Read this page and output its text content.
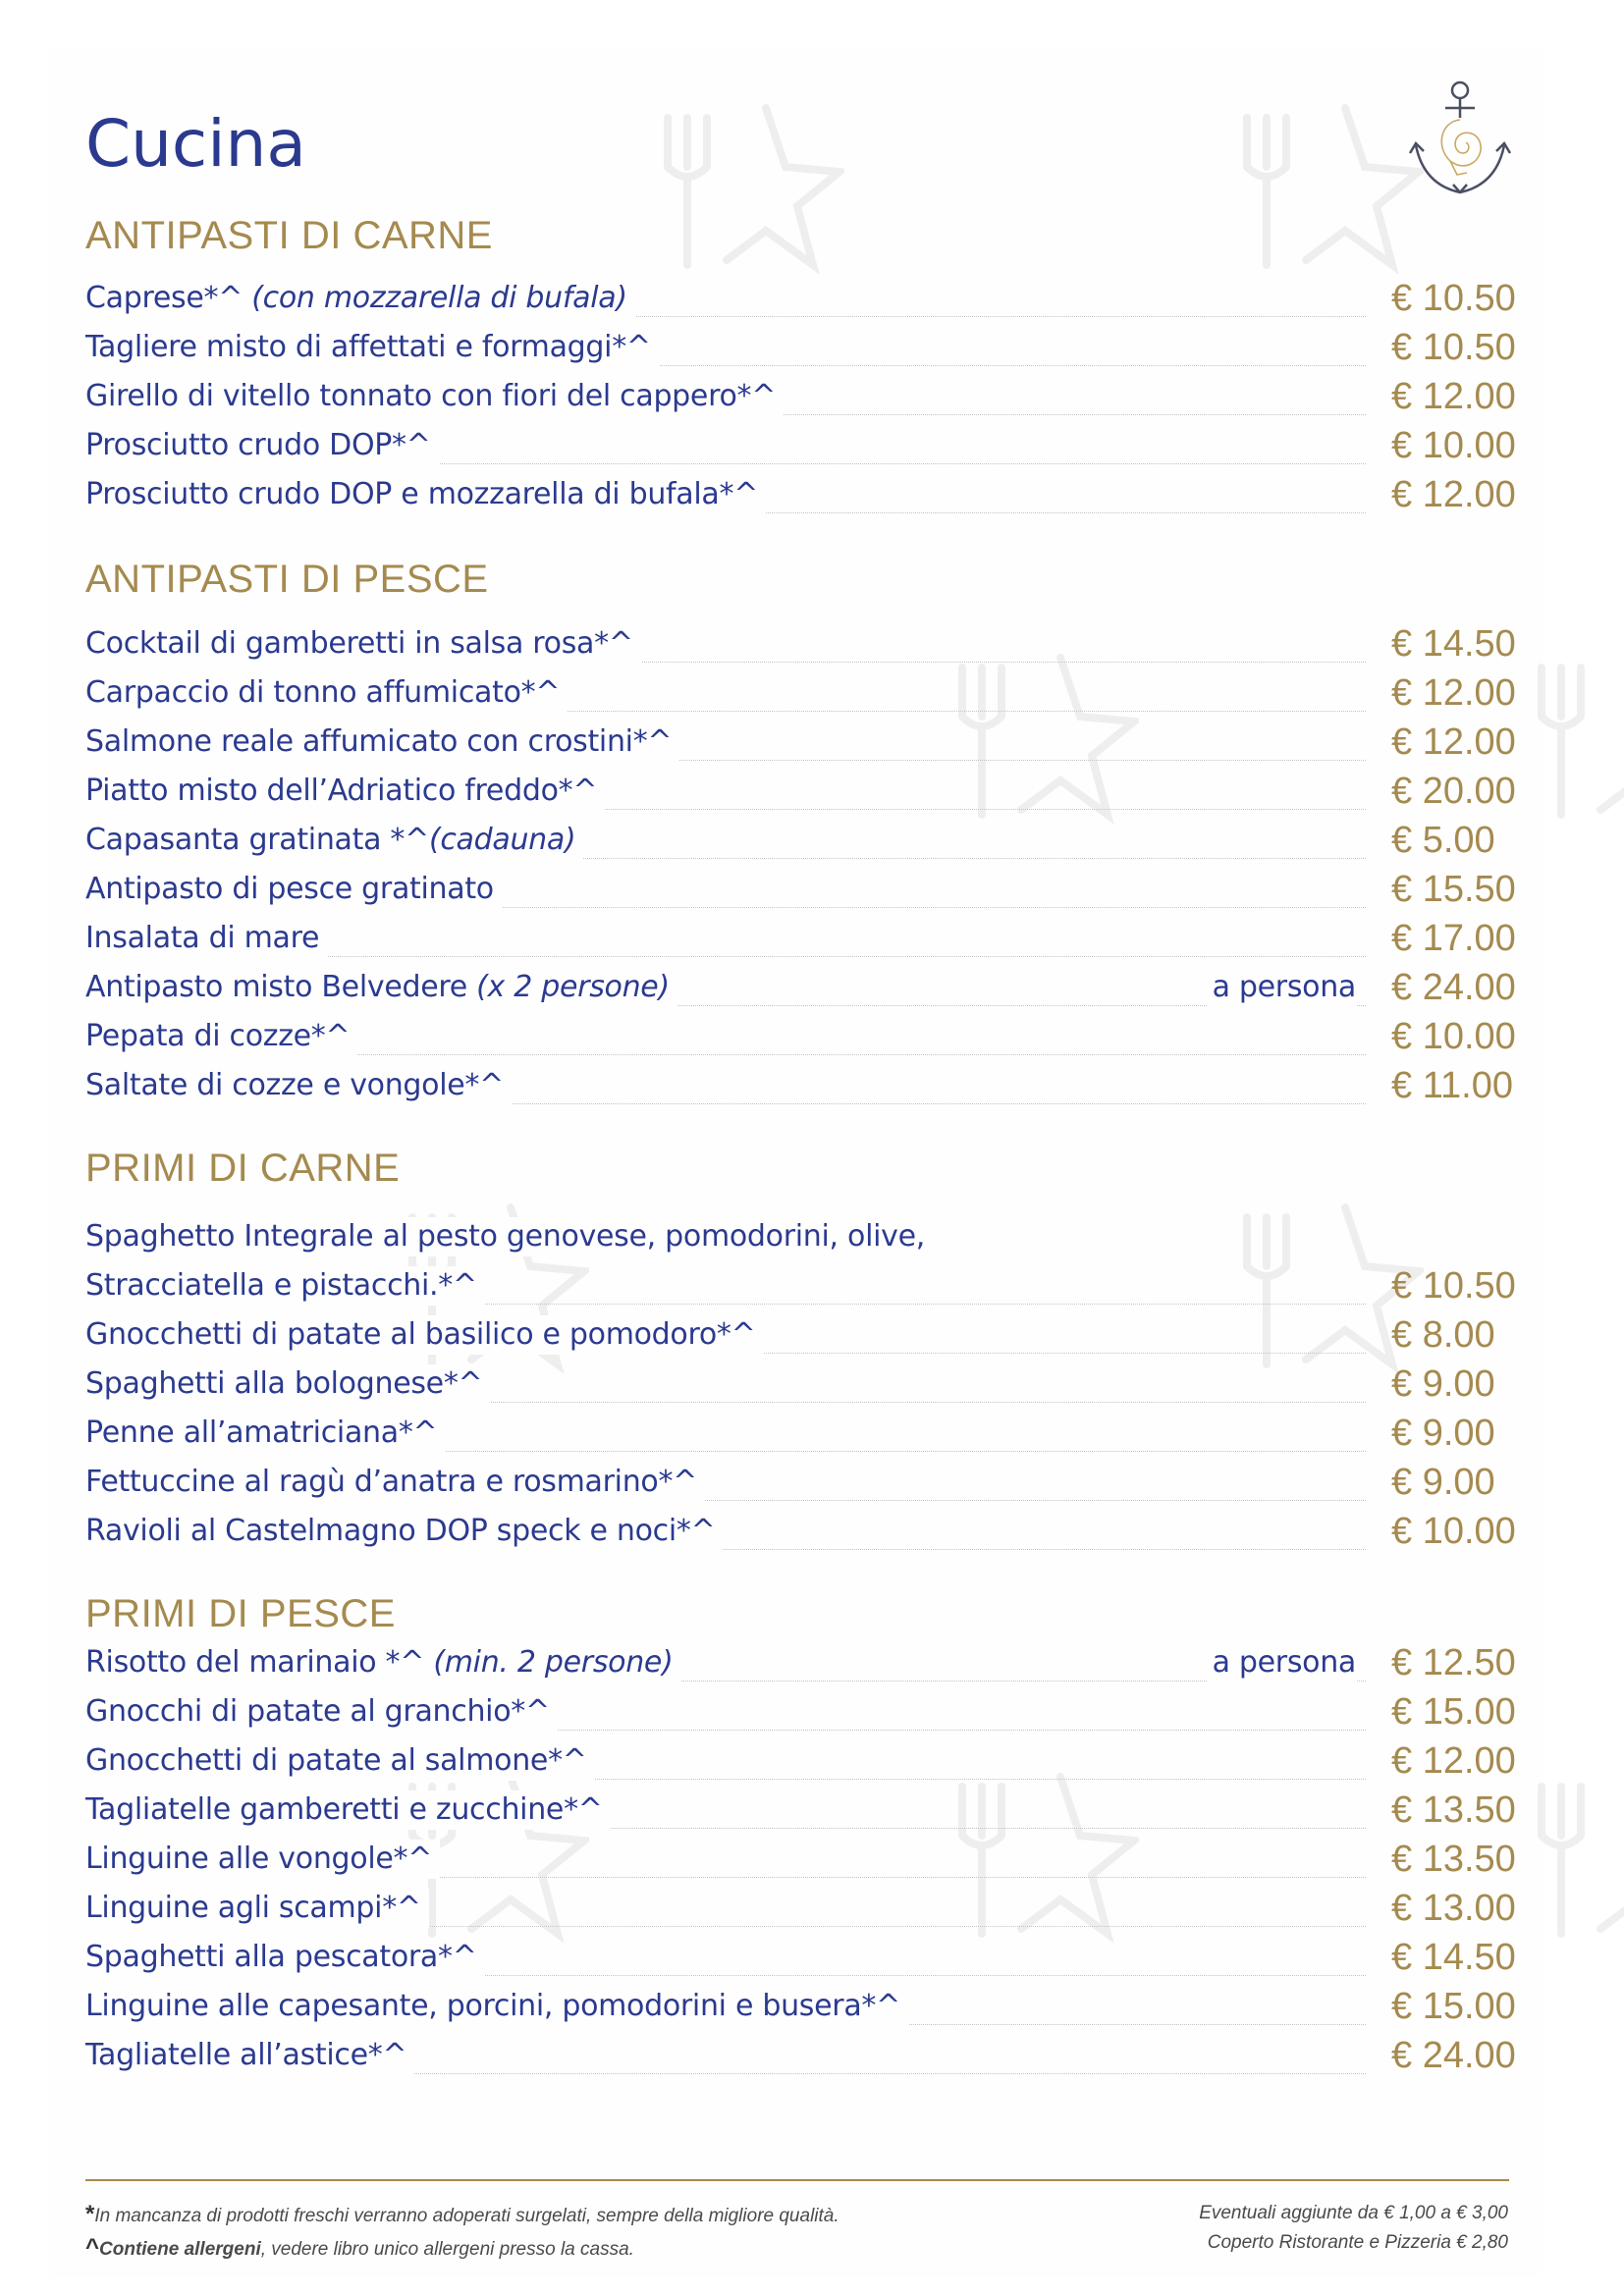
Cucina
ANTIPASTI DI CARNE
Caprese*^ (con mozzarella di bufala)	€ 10.50
Tagliere misto di affettati e formaggi*^	€ 10.50
Girello di vitello tonnato con fiori del cappero*^	€ 12.00
Prosciutto crudo DOP*^	€ 10.00
Prosciutto crudo DOP e mozzarella di bufala*^	€ 12.00
ANTIPASTI DI PESCE
Cocktail di gamberetti in salsa rosa*^	€ 14.50
Carpaccio di tonno affumicato*^	€ 12.00
Salmone reale affumicato con crostini*^	€ 12.00
Piatto misto dell’Adriatico freddo*^	€ 20.00
Capasanta gratinata *^(cadauna)	€ 5.00
Antipasto di pesce gratinato	€ 15.50
Insalata di mare	€ 17.00
Antipasto misto Belvedere (x 2 persone)	a persona € 24.00
Pepata di cozze*^	€ 10.00
Saltate di cozze e vongole*^	€ 11.00
PRIMI DI CARNE
Spaghetto Integrale al pesto genovese, pomodorini, olive,
Stracciatella e pistacchi.*^	€ 10.50
Gnocchetti di patate al basilico e pomodoro*^	€ 8.00
Spaghetti alla bolognese*^	€ 9.00
Penne all’amatriciana*^	€ 9.00
Fettuccine al ragù d’anatra e rosmarino*^	€ 9.00
Ravioli al Castelmagno DOP speck e noci*^	€ 10.00
PRIMI DI PESCE
Risotto del marinaio *^ (min. 2 persone)	a persona € 12.50
Gnocchi di patate al granchio*^	€ 15.00
Gnocchetti di patate al salmone*^	€ 12.00
Tagliatelle gamberetti e zucchine*^	€ 13.50
Linguine alle vongole*^	€ 13.50
Linguine agli scampi*^	€ 13.00
Spaghetti alla pescatora*^	€ 14.50
Linguine alle capesante, porcini, pomodorini e busera*^	€ 15.00
Tagliatelle all’astice*^	€ 24.00
*In mancanza di prodotti freschi verranno adoperati surgelati, sempre della migliore qualità.
^Contiene allergeni, vedere libro unico allergeni presso la cassa.
Eventuali aggiunte da € 1,00 a € 3,00
Coperto Ristorante e Pizzeria € 2,80
